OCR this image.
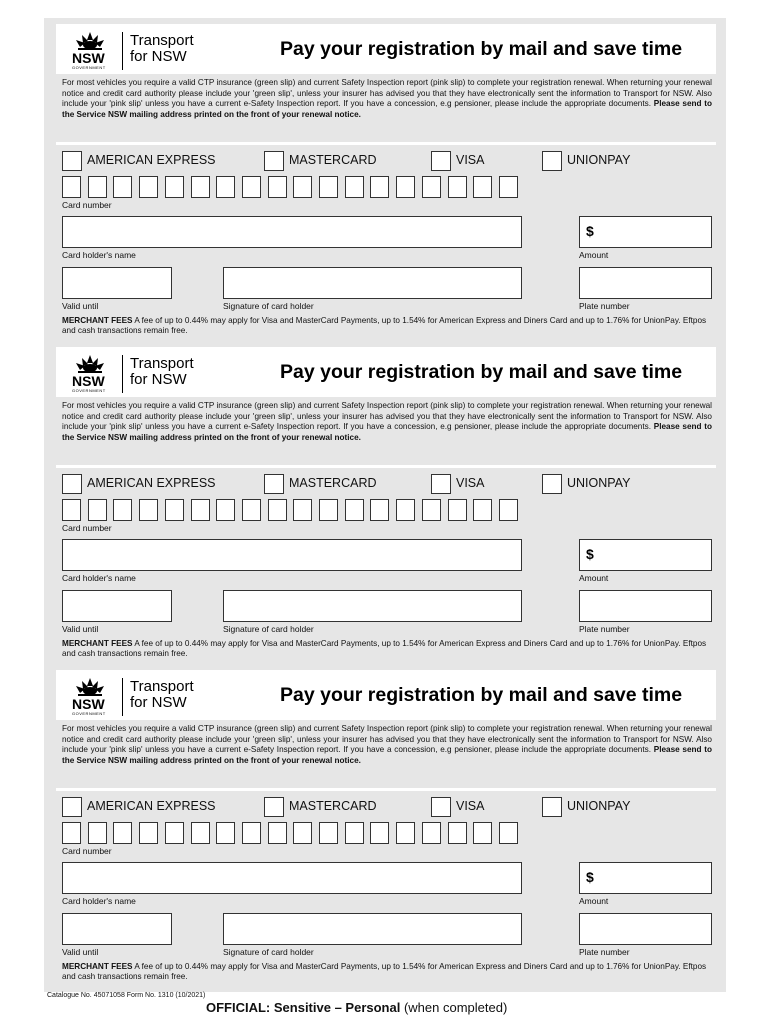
NSW
GOVERNMENT
Transport
for NSW	Pay your registration by mail and save time
For most vehicles you require a valid CTP insurance (green slip) and current Safety Inspection report (pink slip) to complete your registration renewal. When returning your renewal notice and credit card authority please include your 'green slip', unless your insurer has advised you that they have electronically sent the information to Transport for NSW. Also include your 'pink slip' unless you have a current e-Safety Inspection report. If you have a concession, e.g pensioner, please include the appropriate documents. Please send to the Service NSW mailing address printed on the front of your renewal notice.
AMERICAN EXPRESS	MASTERCARD	VISA	UNIONPAY
Card number
Card holder's name
$
Amount
Valid until	Signature of card holder	Plate number
MERCHANT FEES A fee of up to 0.44% may apply for Visa and MasterCard Payments, up to 1.54% for American Express and Diners Card and up to 1.76% for UnionPay. Eftpos and cash transactions remain free.
NSW
GOVERNMENT
Transport
for NSW	Pay your registration by mail and save time
For most vehicles you require a valid CTP insurance (green slip) and current Safety Inspection report (pink slip) to complete your registration renewal. When returning your renewal notice and credit card authority please include your 'green slip', unless your insurer has advised you that they have electronically sent the information to Transport for NSW. Also include your 'pink slip' unless you have a current e-Safety Inspection report. If you have a concession, e.g pensioner, please include the appropriate documents. Please send to the Service NSW mailing address printed on the front of your renewal notice.
AMERICAN EXPRESS	MASTERCARD	VISA	UNIONPAY
Card number
Card holder's name
$
Amount
Valid until	Signature of card holder	Plate number
MERCHANT FEES A fee of up to 0.44% may apply for Visa and MasterCard Payments, up to 1.54% for American Express and Diners Card and up to 1.76% for UnionPay. Eftpos and cash transactions remain free.
NSW
GOVERNMENT
Transport
for NSW	Pay your registration by mail and save time
For most vehicles you require a valid CTP insurance (green slip) and current Safety Inspection report (pink slip) to complete your registration renewal. When returning your renewal notice and credit card authority please include your 'green slip', unless your insurer has advised you that they have electronically sent the information to Transport for NSW. Also include your 'pink slip' unless you have a current e-Safety Inspection report. If you have a concession, e.g pensioner, please include the appropriate documents. Please send to the Service NSW mailing address printed on the front of your renewal notice.
AMERICAN EXPRESS	MASTERCARD	VISA	UNIONPAY
Card number
Card holder's name
$
Amount
Valid until	Signature of card holder	Plate number
MERCHANT FEES A fee of up to 0.44% may apply for Visa and MasterCard Payments, up to 1.54% for American Express and Diners Card and up to 1.76% for UnionPay. Eftpos and cash transactions remain free.
Catalogue No. 45071058 Form No. 1310 (10/2021)
OFFICIAL: Sensitive – Personal (when completed)
